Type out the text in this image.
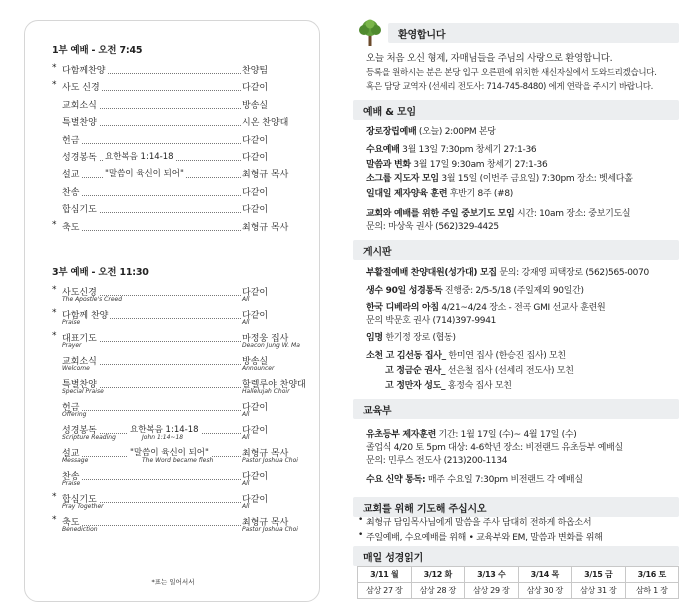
1부 예배 - 오전 7:45
* 다함께찬양	찬양팀
* 사도 신경	다같이
교회소식	방송실
특별찬양	시온 찬양대
헌금	다같이
성경봉독 요한복음 1:14-18	다같이
설교	"말씀이 육신이 되어"	최형규 목사
찬송	다같이
합심기도	다같이
* 축도	최형규 목사
3부 예배 - 오전 11:30
* 사도신경	다같이
The Apostle's Creed	All
* 다함께 찬양	다같이
Praise	All
* 대표기도	마정웅 집사
Prayer	Deacon Jung W. Ma
교회소식	방송실
Welcome	Announcer
특별찬양	할렐루야 찬양대
Special Praise	Hallelujah Choir
헌금	다같이
Offering	All
성경봉독	요한복음 1:14-18	다같이
Scripture Reading	John 1:14~18	All
설교	"말씀이 육신이 되어"	최형규 목사
Message	The Word became flesh	Pastor Joshua Choi
찬송	다같이
Praise	All
* 합심기도	다같이
Pray Together	All
* 축도	최형규 목사
Benediction	Pastor Joshua Choi
*표는 일어서서
환영합니다
오늘 처음 오신 형제, 자매님들을 주님의 사랑으로 환영합니다.
등록을 원하시는 분은 본당 입구 오른편에 위치한 새신자실에서 도와드리겠습니다.
혹은 담당 교역자 (선세리 전도사: 714-745-8480) 에게 연락을 주시기 바랍니다.
예배 & 모임
장로장립예배 (오늘) 2:00PM 본당
수요예배 3월 13일 7:30pm 창세기 27:1-36
말씀과 변화 3월 17일 9:30am 창세기 27:1-36
소그룹 지도자 모임 3월 15일 (이번주 금요일) 7:30pm 장소: 벳세다홀
일대일 제자양육 훈련 후반기 8주 (#8)
교회와 예배를 위한 주일 중보기도 모임 시간: 10am 장소: 중보기도실
문의: 마상욱 권사 (562)329-4425
게시판
부활절예배 찬양대원(성가대) 모집 문의: 강재영 피택장로 (562)565-0070
생수 90일 성경통독 진행중: 2/5-5/18 (주일제외 90일간)
한국 디베라의 아침 4/21~4/24 장소 - 전곡 GMI 선교사 훈련원
문의 박문호 권사 (714)397-9941
임명 한기정 장로 (협동)
소천 고 김선동 집사_ 한미연 집사 (한승진 집사) 모친
고 정금순 권사_ 선은철 집사 (선세리 전도사) 모친
고 정만자 성도_ 홍정숙 집사 모친
교육부
유초등부 제자훈련 기간: 1월 17일 (수)~ 4월 17일 (수)
졸업식 4/20 토 5pm 대상: 4-6학년 장소: 비전랜드 유초등부 예배실
문의: 민루스 전도사 (213)200-1134
수요 신약 통독: 매주 수요일 7:30pm 비전랜드 각 예배실
교회를 위해 기도해 주십시오
• 최형규 담임목사님에게 말씀을 주사 담대히 전하게 하옵소서
• 주일예배, 수요예배를 위해 • 교육부와 EM, 말씀과 변화를 위해
매일 성경읽기
3/11 월	3/12 화	3/13 수	3/14 목	3/15 금	3/16 토
삼상 27 장	삼상 28 장	삼상 29 장	삼상 30 장	삼상 31 장	삼하 1 장
